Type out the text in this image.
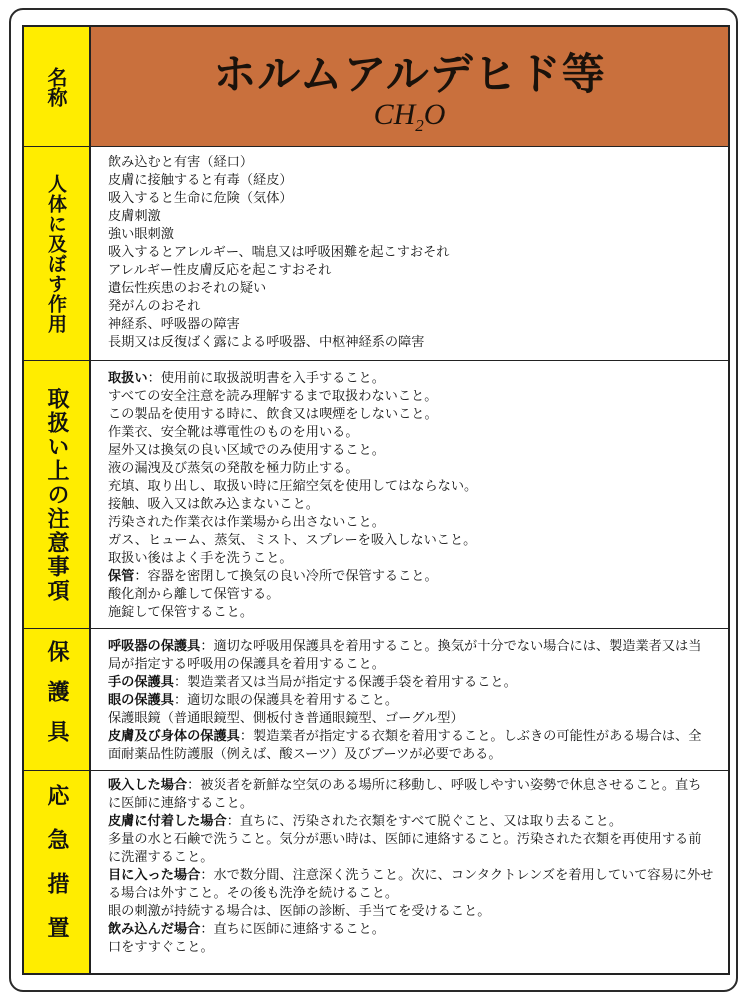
名称	ホルムアルデヒド等
$CH_2O$
人体に及ぼす作用
飲み込むと有害（経口）
皮膚に接触すると有毒（経皮）
吸入すると生命に危険（気体）
皮膚刺激
強い眼刺激
吸入するとアレルギー、喘息又は呼吸困難を起こすおそれ
アレルギー性皮膚反応を起こすおそれ
遺伝性疾患のおそれの疑い
発がんのおそれ
神経系、呼吸器の障害
長期又は反復ばく露による呼吸器、中枢神経系の障害
取扱い上の注意事項
取扱い：使用前に取扱説明書を入手すること。
すべての安全注意を読み理解するまで取扱わないこと。
この製品を使用する時に、飲食又は喫煙をしないこと。
作業衣、安全靴は導電性のものを用いる。
屋外又は換気の良い区域でのみ使用すること。
液の漏洩及び蒸気の発散を極力防止する。
充填、取り出し、取扱い時に圧縮空気を使用してはならない。
接触、吸入又は飲み込まないこと。
汚染された作業衣は作業場から出さないこと。
ガス、ヒューム、蒸気、ミスト、スプレーを吸入しないこと。
取扱い後はよく手を洗うこと。
保管：容器を密閉して換気の良い冷所で保管すること。
酸化剤から離して保管する。
施錠して保管すること。
保護具	呼吸器の保護具：適切な呼吸用保護具を着用すること。換気が十分でない場合には、製造業者又は当局が指定する呼吸用の保護具を着用すること。
手の保護具：製造業者又は当局が指定する保護手袋を着用すること。
眼の保護具：適切な眼の保護具を着用すること。
保護眼鏡（普通眼鏡型、側板付き普通眼鏡型、ゴーグル型）
皮膚及び身体の保護具：製造業者が指定する衣類を着用すること。しぶきの可能性がある場合は、全面耐薬品性防護服（例えば、酸スーツ）及びブーツが必要である。
応急措置	吸入した場合：被災者を新鮮な空気のある場所に移動し、呼吸しやすい姿勢で休息させること。直ちに医師に連絡すること。
皮膚に付着した場合：直ちに、汚染された衣類をすべて脱ぐこと、又は取り去ること。
多量の水と石鹸で洗うこと。気分が悪い時は、医師に連絡すること。汚染された衣類を再使用する前に洗濯すること。
目に入った場合：水で数分間、注意深く洗うこと。次に、コンタクトレンズを着用していて容易に外せる場合は外すこと。その後も洗浄を続けること。
眼の刺激が持続する場合は、医師の診断、手当てを受けること。
飲み込んだ場合：直ちに医師に連絡すること。
口をすすぐこと。
